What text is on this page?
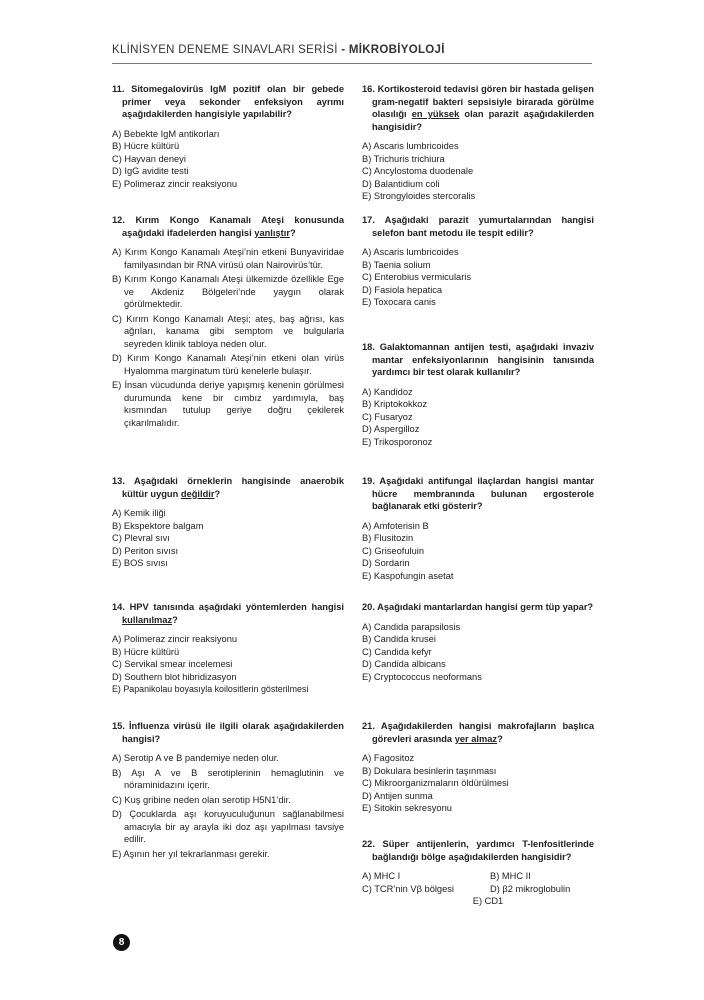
KLİNİSYEN DENEME SINAVLARI SERİSİ - MİKROBİYOLOJİ
11. Sitomegalovirüs IgM pozitif olan bir gebede primer veya sekonder enfeksiyon ayrımı aşağıdakilerden hangisiyle yapılabilir?
A) Bebekte IgM antikorları
B) Hücre kültürü
C) Hayvan deneyi
D) IgG avidite testi
E) Polimeraz zincir reaksiyonu
12. Kırım Kongo Kanamalı Ateşi konusunda aşağıdaki ifadelerden hangisi yanlıştır?
A) Kırım Kongo Kanamalı Ateşi’nin etkeni Bunyaviridae familyasından bir RNA virüsü olan Nairovirüs’tür.
B) Kırım Kongo Kanamalı Ateşi ülkemizde özellikle Ege ve Akdeniz Bölgeleri’nde yaygın olarak görülmektedir.
C) Kırım Kongo Kanamalı Ateşi; ateş, baş ağrısı, kas ağrıları, kanama gibi semptom ve bulgularla seyreden klinik tabloya neden olur.
D) Kırım Kongo Kanamalı Ateşi’nin etkeni olan virüs Hyalomma marginatum türü kenelerle bulaşır.
E) İnsan vücudunda deriye yapışmış kenenin görülmesi durumunda kene bir cımbız yardımıyla, baş kısmından tutulup geriye doğru çekilerek çıkarılmalıdır.
13. Aşağıdaki örneklerin hangisinde anaerobik kültür uygun değildir?
A) Kemik iliği
B) Ekspektore balgam
C) Plevral sıvı
D) Periton sıvısı
E) BOS sıvısı
14. HPV tanısında aşağıdaki yöntemlerden hangisi kullanılmaz?
A) Polimeraz zincir reaksiyonu
B) Hücre kültürü
C) Servikal smear incelemesi
D) Southern blot hibridizasyon
E) Papanikolau boyasıyla koilositlerin gösterilmesi
15. İnfluenza virüsü ile ilgili olarak aşağıdakilerden hangisi?
A) Serotip A ve B pandemiye neden olur.
B) Aşı A ve B serotiplerinin hemaglutinin ve nöraminidazını içerir.
C) Kuş gribine neden olan serotip H5N1’dir.
D) Çocuklarda aşı koruyuculuğunun sağlanabilmesi amacıyla bir ay arayla iki doz aşı yapılması tavsiye edilir.
E) Aşının her yıl tekrarlanması gerekir.
16. Kortikosteroid tedavisi gören bir hastada gelişen gram-negatif bakteri sepsisiyle birarada görülme olasılığı en yüksek olan parazit aşağıdakilerden hangisidir?
A) Ascaris lumbricoides
B) Trichuris trichiura
C) Ancylostoma duodenale
D) Balantidium coli
E) Strongyloides stercoralis
17. Aşağıdaki parazit yumurtalarından hangisi selefon bant metodu ile tespit edilir?
A) Ascaris lumbricoides
B) Taenia solium
C) Enterobius vermicularis
D) Fasiola hepatica
E) Toxocara canis
18. Galaktomannan antijen testi, aşağıdaki invaziv mantar enfeksiyonlarının hangisinin tanısında yardımcı bir test olarak kullanılır?
A) Kandidoz
B) Kriptokokkoz
C) Fusaryoz
D) Aspergilloz
E) Trikosporonoz
19. Aşağıdaki antifungal ilaçlardan hangisi mantar hücre membranında bulunan ergosterole bağlanarak etki gösterir?
A) Amfoterisin B
B) Flusitozin
C) Griseofuluin
D) Sordarin
E) Kaspofungin asetat
20. Aşağıdaki mantarlardan hangisi germ tüp yapar?
A) Candida parapsilosis
B) Candida krusei
C) Candida kefyr
D) Candida albicans
E) Cryptococcus neoformans
21. Aşağıdakilerden hangisi makrofajların başlıca görevleri arasında yer almaz?
A) Fagositoz
B) Dokulara besinlerin taşınması
C) Mikroorganizmaların öldürülmesi
D) Antijen sunma
E) Sitokin sekresyonu
22. Süper antijenlerin, yardımcı T-lenfositlerinde bağlandığı bölge aşağıdakilerden hangisidir?
A) MHC I	B) MHC II
C) TCR’nin Vβ bölgesi	D) β2 mikroglobulin
E) CD1
8
